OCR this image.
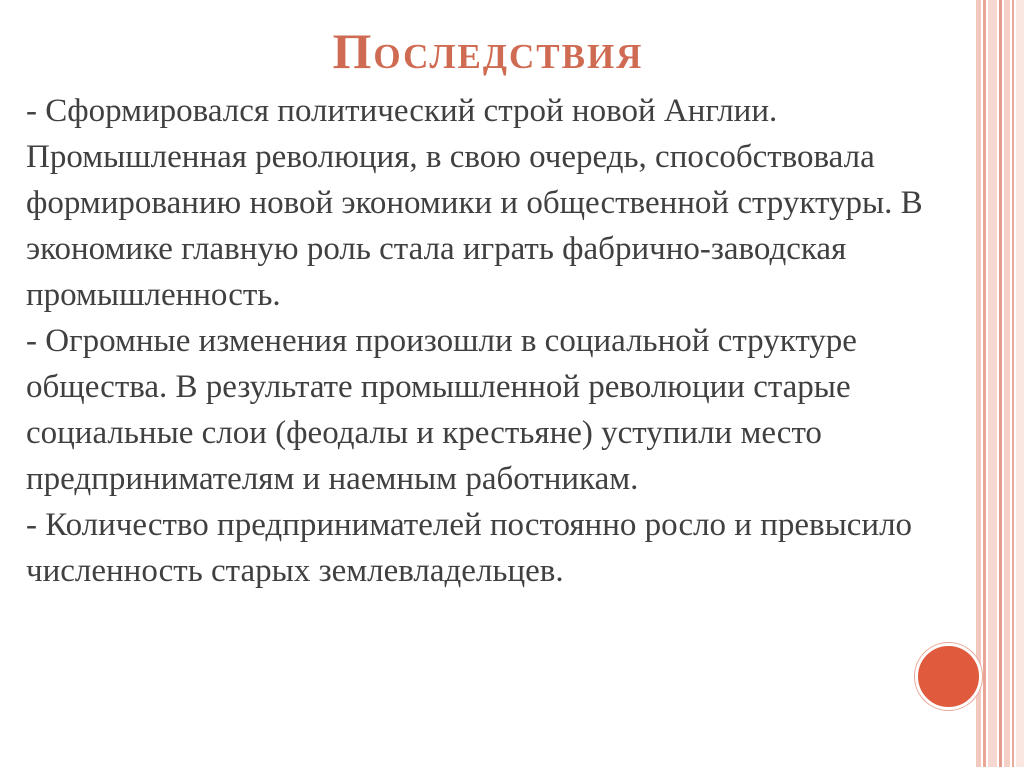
Последствия

- Сформировался политический строй новой Англии. Промышленная революция, в свою очередь, способствовала формированию новой экономики и общественной структуры. В экономике главную роль стала играть фабрично-заводская промышленность.

- Огромные изменения произошли в социальной структуре общества. В результате промышленной революции старые социальные слои (феодалы и крестьяне) уступили место предпринимателям и наемным работникам.

- Количество предпринимателей постоянно росло и превысило численность старых землевладельцев.
